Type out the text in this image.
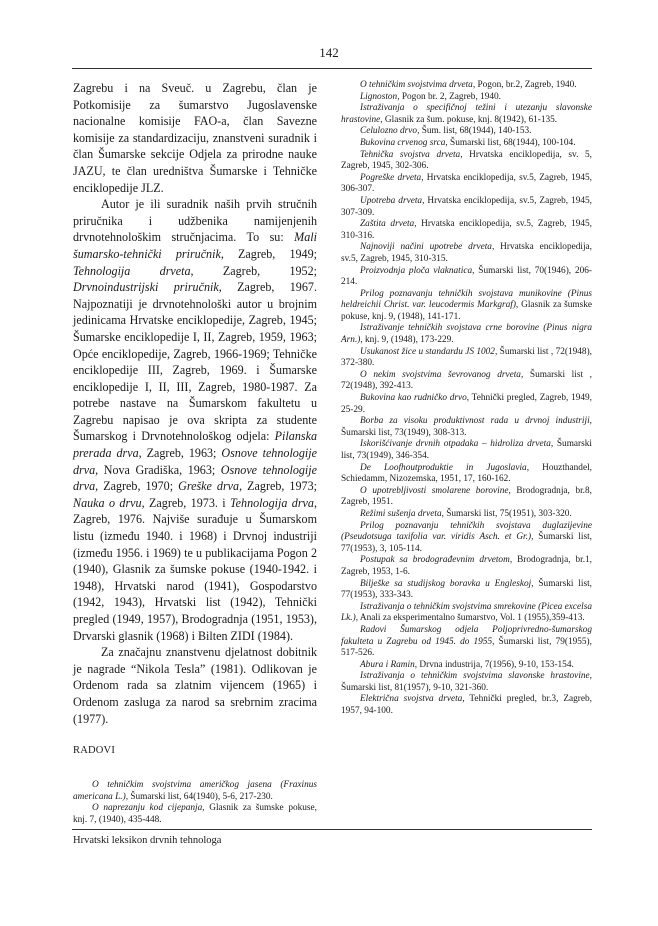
142

Zagrebu i na Sveuč. u Zagrebu, član je Potkomisije za šumarstvo Jugoslavenske nacionalne komisije FAO-a, član Savezne komisije za standardizaciju, znanstveni suradnik i član Šumarske sekcije Odjela za prirodne nauke JAZU, te član uredništva Šumarske i Tehničke enciklopedije JLZ.

Autor je ili suradnik naših prvih stručnih priručnika i udžbenika namijenjenih drvnotehnološkim stručnjacima. To su: Mali šumarsko-tehnički priručnik, Zagreb, 1949; Tehnologija drveta, Zagreb, 1952; Drvnoindustrijski priručnik, Zagreb, 1967. Najpoznatiji je drvnotehnološki autor u brojnim jedinicama Hrvatske enciklopedije, Zagreb, 1945; Šumarske enciklopedije I, II, Zagreb, 1959, 1963; Opće enciklopedije, Zagreb, 1966-1969; Tehničke enciklopedije III, Zagreb, 1969. i Šumarske enciklopedije I, II, III, Zagreb, 1980-1987. Za potrebe nastave na Šumarskom fakultetu u Zagrebu napisao je ova skripta za studente Šumarskog i Drvnotehnološkog odjela: Pilanska prerada drva, Zagreb, 1963; Osnove tehnologije drva, Nova Gradiška, 1963; Osnove tehnologije drva, Zagreb, 1970; Greške drva, Zagreb, 1973; Nauka o drvu, Zagreb, 1973. i Tehnologija drva, Zagreb, 1976. Najviše surađuje u Šumarskom listu (između 1940. i 1968) i Drvnoj industriji (između 1956. i 1969) te u publikacijama Pogon 2 (1940), Glasnik za šumske pokuse (1940-1942. i 1948), Hrvatski narod (1941), Gospodarstvo (1942, 1943), Hrvatski list (1942), Tehnički pregled (1949, 1957), Brodogradnja (1951, 1953), Drvarski glasnik (1968) i Bilten ZIDI (1984).

Za značajnu znanstvenu djelatnost dobitnik je nagrade “Nikola Tesla” (1981). Odlikovan je Ordenom rada sa zlatnim vijencem (1965) i Ordenom zasluga za narod sa srebrnim zracima (1977).

RADOVI

O tehničkim svojstvima američkog jasena (Fraxinus americana L.), Šumarski list, 64(1940), 5-6, 217-230.

O naprezanju kod cijepanja, Glasnik za šumske pokuse, knj. 7, (1940), 435-448.

O tehničkim svojstvima drveta, Pogon, br.2, Zagreb, 1940.

Lignoston, Pogon br. 2, Zagreb, 1940.

Istraživanja o specifičnoj težini i utezanju slavonske hrastovine, Glasnik za šum. pokuse, knj. 8(1942), 61-135.

Celulozno drvo, Šum. list, 68(1944), 140-153.

Bukovina crvenog srca, Šumarski list, 68(1944), 100-104.

Tehnička svojstva drveta, Hrvatska enciklopedija, sv. 5, Zagreb, 1945, 302-306.

Pogreške drveta, Hrvatska enciklopedija, sv.5, Zagreb, 1945, 306-307.

Upotreba drveta, Hrvatska enciklopedija, sv.5, Zagreb, 1945, 307-309.

Zaštita drveta, Hrvatska enciklopedija, sv.5, Zagreb, 1945, 310-316.

Najnoviji načini upotrebe drveta, Hrvatska enciklopedija, sv.5, Zagreb, 1945, 310-315.

Proizvodnja ploča vlaknatica, Šumarski list, 70(1946), 206-214.

Prilog poznavanju tehničkih svojstava munikovine (Pinus heldreichii Christ. var. leucodermis Markgraf), Glasnik za šumske pokuse, knj. 9, (1948), 141-171.

Istraživanje tehničkih svojstava crne borovine (Pinus nigra Arn.), knj. 9, (1948), 173-229.

Usukanost žice u standardu JS 1002, Šumarski list , 72(1948), 372-380.

O nekim svojstvima ševrovanog drveta, Šumarski list , 72(1948), 392-413.

Bukovina kao rudničko drvo, Tehnički pregled, Zagreb, 1949, 25-29.

Borba za visoku produktivnost rada u drvnoj industriji, Šumarski list, 73(1949), 308-313.

Iskorišćivanje drvnih otpadaka – hidroliza drveta, Šumarski list, 73(1949), 346-354.

De Loofhoutproduktie in Jugoslavia, Houzthandel, Schiedamm, Nizozemska, 1951, 17, 160-162.

O upotrebljivosti smolarene borovine, Brodogradnja, br.8, Zagreb, 1951.

Režimi sušenja drveta, Šumarski list, 75(1951), 303-320.

Prilog poznavanju tehničkih svojstava duglazijevine (Pseudotsuga taxifolia var. viridis Asch. et Gr.), Šumarski list, 77(1953), 3, 105-114.

Postupak sa brodograđevnim drvetom, Brodogradnja, br.1, Zagreb, 1953, 1-6.

Bilješke sa studijskog boravka u Engleskoj, Šumarski list, 77(1953), 333-343.

Istraživanja o tehničkim svojstvima smrekovine (Picea excelsa Lk.), Anali za eksperimentalno šumarstvo, Vol. 1 (1955),359-413.

Radovi Šumarskog odjela Poljoprivredno-šumarskog fakulteta u Zagrebu od 1945. do 1955, Šumarski list, 79(1955), 517-526.

Abura i Ramin, Drvna industrija, 7(1956), 9-10, 153-154.

Istraživanja o tehničkim svojstvima slavonske hrastovine, Šumarski list, 81(1957), 9-10, 321-360.

Električna svojstva drveta, Tehnički pregled, br.3, Zagreb, 1957, 94-100.

Hrvatski leksikon drvnih tehnologa
